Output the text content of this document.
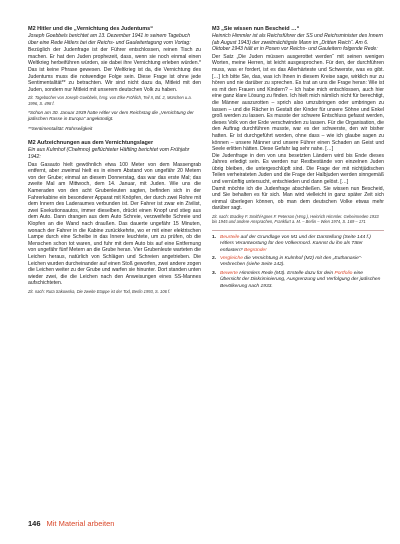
M2 Hitler und die „Vernichtung des Judentums“

Joseph Goebbels berichtet am 13. Dezember 1941 in seinem Tagebuch über eine Rede Hitlers bei der Reichs- und Gauleitertagung vom Vortag:

Bezüglich der Judenfrage ist der Führer entschlossen, reinen Tisch zu machen. Er hat den Juden prophezeit, dass, wenn sie noch einmal einen Weltkrieg herbeiführen würden, sie dabei ihre Vernichtung erleben würden.* Das ist keine Phrase gewesen. Der Weltkrieg ist da, die Vernichtung des Judentums muss die notwendige Folge sein. Diese Frage ist ohne jede Sentimentalität** zu betrachten. Wir sind nicht dazu da, Mitleid mit den Juden, sondern nur Mitleid mit unserem deutschen Volk zu haben.

Zit. Tagebücher von Joseph Goebbels, hrsg. von Elke Fröhlich, Teil II, Bd. 2, München u.a. 1996, S. 498 f.

*Schon am 30. Januar 1939 hatte Hitler vor dem Reichstag die „Vernichtung der jüdischen Rasse in Europa“ angekündigt.

**Sentimentalität: Rührseligkeit

M2 Aufzeichnungen aus dem Vernichtungslager

Ein aus Kulmhof (Chełmno) geflüchteter Häftling berichtet vom Frühjahr 1942:

Das Gasauto hielt gewöhnlich etwa 100 Meter von dem Massengrab entfernt, aber zweimal hielt es in einem Abstand von ungefähr 20 Metern von der Grube; einmal an diesem Donnerstag, das war das erste Mal; das zweite Mal am Mittwoch, dem 14. Januar, mit Juden. Wie uns die Kameraden von den acht Grubenleuten sagten, befinden sich in der Fahrerkabine ein besonderer Apparat mit Knöpfen, der durch zwei Rohre mit dem Innern des Laderaumes verbunden ist. Der Fahrer ist zwar ein Zivilist, zwei Exekutionsautos, immer dieselben, drückt einen Knopf und stieg aus dem Auto. Dann drangen aus dem Auto Schreie, verzweifelte Schreie und Klopfen an die Wand nach draußen. Das dauerte ungefähr 15 Minuten, wonach der Fahrer in die Kabine zurückkehrte, wo er mit einer elektrischen Lampe durch eine Scheibe in das Innere leuchtete, um zu prüfen, ob die Menschen schon tot waren, und fuhr mit dem Auto bis auf eine Entfernung von ungefähr fünf Metern an die Grube heran. Vier Grubenleute warteten die Leichen heraus, natürlich von Schlägen und Schreien angetrieben. Die Leichen wurden durcheinander auf einen Stoß geworfen, zwei andere zogen die Leichen weiter zu der Grube und warfen sie hinunter. Dort standen unten wieder zwei, die die Leichen nach den Anweisungen eines SS-Mannes aufschichteten.

Zit. nach: Ruta Sakowska, Die zweite Etappe ist der Tod, Berlin 1993, S. 106 f.

M3 „Sie wissen nun Bescheid …“

Heinrich Himmler ist als Reichsführer der SS und Reichsminister des Innern (ab August 1943) der zweitmächtigste Mann im „Dritten Reich“. Am 6. Oktober 1943 hält er in Posen vor Reichs- und Gauleitern folgende Rede:

Der Satz „Die Juden müssen ausgerottet werden“ mit seinen wenigen Worten, meine Herren, ist leicht ausgesprochen. Für den, der durchführen muss, was er fordert, ist es das Allerhärteste und Schwerste, was es gibt. […] Ich bitte Sie, das, was ich Ihnen in diesem Kreise sage, wirklich nur zu hören und nie darüber zu sprechen. Es trat an uns die Frage heran: Wie ist es mit den Frauen und Kindern? – Ich habe mich entschlossen, auch hier eine ganz klare Lösung zu finden. Ich hielt mich nämlich nicht für berechtigt, die Männer auszurotten – sprich also umzubringen oder umbringen zu lassen – und die Rächer in Gestalt der Kinder für unsere Söhne und Enkel groß werden zu lassen. Es musste der schwere Entschluss gefasst werden, dieses Volk von der Erde verschwinden zu lassen. Für die Organisation, die den Auftrag durchführen musste, war es der schwerste, den wir bisher hatten. Er ist durchgeführt worden, ohne dass – wie ich glaube sagen zu können – unsere Männer und unsere Führer einen Schaden an Geist und Seele erlitten hätten. Diese Gefahr lag sehr nahe. […]

Die Judenfrage in den von uns besetzten Ländern wird bis Ende dieses Jahres erledigt sein. Es werden nur Restbestände von einzelnen Juden übrig bleiben, die untergeschlüpft sind. Die Frage der mit nichtjüdischen Teilen verheirateten Juden und die Frage der Halbjuden werden sinngemäß und vernünftig untersucht, entschieden und dann gelöst. […]

Damit möchte ich die Judenfrage abschließen. Sie wissen nun Bescheid, und Sie behalten es für sich. Man wird vielleicht in ganz später Zeit sich einmal überlegen können, ob man dem deutschen Volke etwas mehr darüber sagt.

Zit. nach: Bradley F. Smith/Agnes F. Peterson (Hrsg.), Heinrich Himmler. Geheimreden 1933 bis 1945 und andere Ansprachen, Frankfurt a. M. – Berlin – Wien 1974, S. 169 – 171

1. Beurteile auf der Grundlage von M1 und der Darstellung (Seite 144 f.) Hitlers Verantwortung für den Völkermord. Kannst du ihn als Täter entlasten? Begründe!
2. Vergleiche die Vernichtung in Kulmhof (M2) mit den „Euthanasie“-Verbrechen (siehe Seite 142).
3. Bewerte Himmlers Rede (M3). Erstelle dazu für dein Portfolio eine Übersicht der Diskriminierung, Ausgrenzung und Verfolgung der jüdischen Bevölkerung nach 1933.
146 Mit Material arbeiten
